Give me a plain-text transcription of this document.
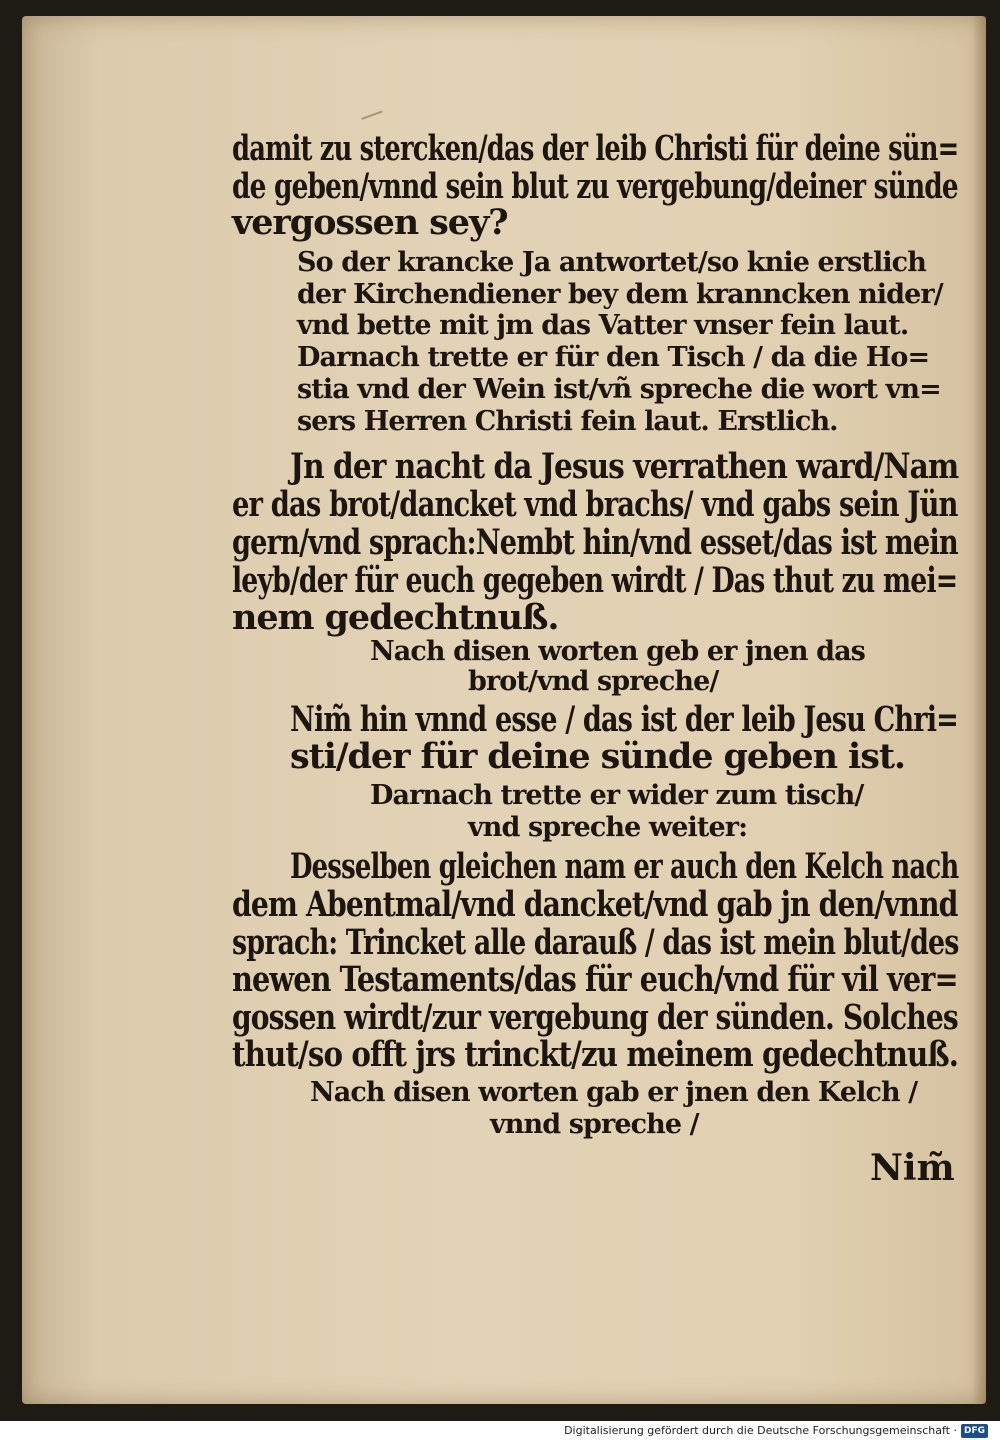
damit zu stercken/das der leib Christi für deine sün=

de geben/vnnd sein blut zu vergebung/deiner sünde

vergossen sey?

So der krancke Ja antwortet/so knie erstlich

der Kirchendiener bey dem kranncken nider/

vnd bette mit jm das Vatter vnser fein laut.

Darnach trette er für den Tisch / da die Ho=

stia vnd der Wein ist/vñ spreche die wort vn=

sers Herren Christi fein laut. Erstlich.

Jn der nacht da Jesus verrathen ward/Nam

er das brot/dancket vnd brachs/ vnd gabs sein Jün

gern/vnd sprach:Nembt hin/vnd esset/das ist mein

leyb/der für euch gegeben wirdt / Das thut zu mei=

nem gedechtnuß.

Nach disen worten geb er jnen das

brot/vnd spreche/

Nim̃ hin vnnd esse / das ist der leib Jesu Chri=

sti/der für deine sünde geben ist.

Darnach trette er wider zum tisch/

vnd spreche weiter:

Desselben gleichen nam er auch den Kelch nach

dem Abentmal/vnd dancket/vnd gab jn den/vnnd

sprach: Trincket alle darauß / das ist mein blut/des

newen Testaments/das für euch/vnd für vil ver=

gossen wirdt/zur vergebung der sünden. Solches

thut/so offt jrs trinckt/zu meinem gedechtnuß.

Nach disen worten gab er jnen den Kelch /

vnnd spreche /

Nim̃

Digitalisierung gefördert durch die Deutsche Forschungsgemeinschaft · DFG
